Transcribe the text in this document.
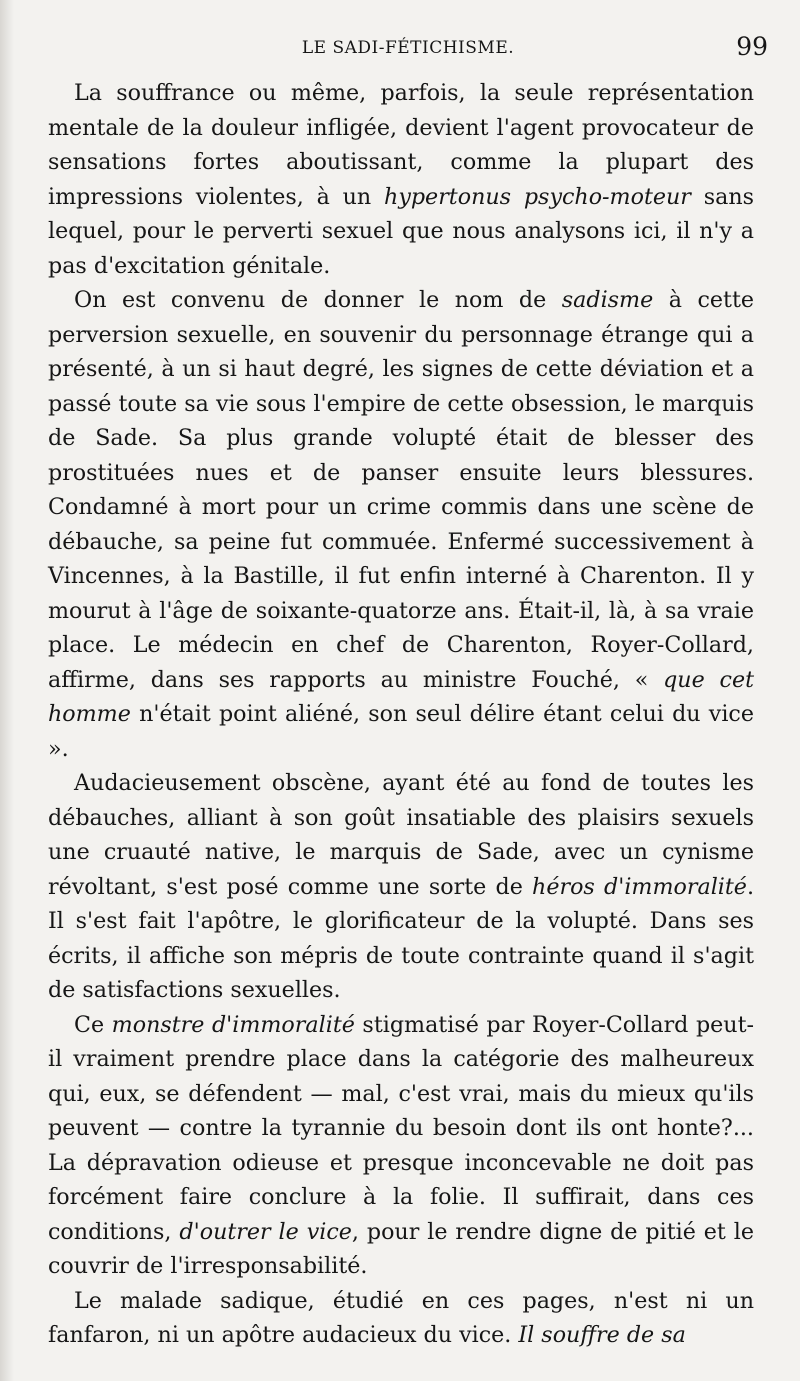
LE SADI-FÉTICHISME.	99

La souffrance ou même, parfois, la seule représentation mentale de la douleur infligée, devient l'agent provocateur de sensations fortes aboutissant, comme la plupart des impressions violentes, à un hypertonus psycho-moteur sans lequel, pour le perverti sexuel que nous analysons ici, il n'y a pas d'excitation génitale.

On est convenu de donner le nom de sadisme à cette perversion sexuelle, en souvenir du personnage étrange qui a présenté, à un si haut degré, les signes de cette déviation et a passé toute sa vie sous l'empire de cette obsession, le marquis de Sade. Sa plus grande volupté était de blesser des prostituées nues et de panser ensuite leurs blessures. Condamné à mort pour un crime commis dans une scène de débauche, sa peine fut commuée. Enfermé successivement à Vincennes, à la Bastille, il fut enfin interné à Charenton. Il y mourut à l'âge de soixante-quatorze ans. Était-il, là, à sa vraie place. Le médecin en chef de Charenton, Royer-Collard, affirme, dans ses rapports au ministre Fouché, « que cet homme n'était point aliéné, son seul délire étant celui du vice ».

Audacieusement obscène, ayant été au fond de toutes les débauches, alliant à son goût insatiable des plaisirs sexuels une cruauté native, le marquis de Sade, avec un cynisme révoltant, s'est posé comme une sorte de héros d'immoralité. Il s'est fait l'apôtre, le glorificateur de la volupté. Dans ses écrits, il affiche son mépris de toute contrainte quand il s'agit de satisfactions sexuelles.

Ce monstre d'immoralité stigmatisé par Royer-Collard peut-il vraiment prendre place dans la catégorie des malheureux qui, eux, se défendent — mal, c'est vrai, mais du mieux qu'ils peuvent — contre la tyrannie du besoin dont ils ont honte?... La dépravation odieuse et presque inconcevable ne doit pas forcément faire conclure à la folie. Il suffirait, dans ces conditions, d'outrer le vice, pour le rendre digne de pitié et le couvrir de l'irresponsabilité.

Le malade sadique, étudié en ces pages, n'est ni un fanfaron, ni un apôtre audacieux du vice. Il souffre de sa
